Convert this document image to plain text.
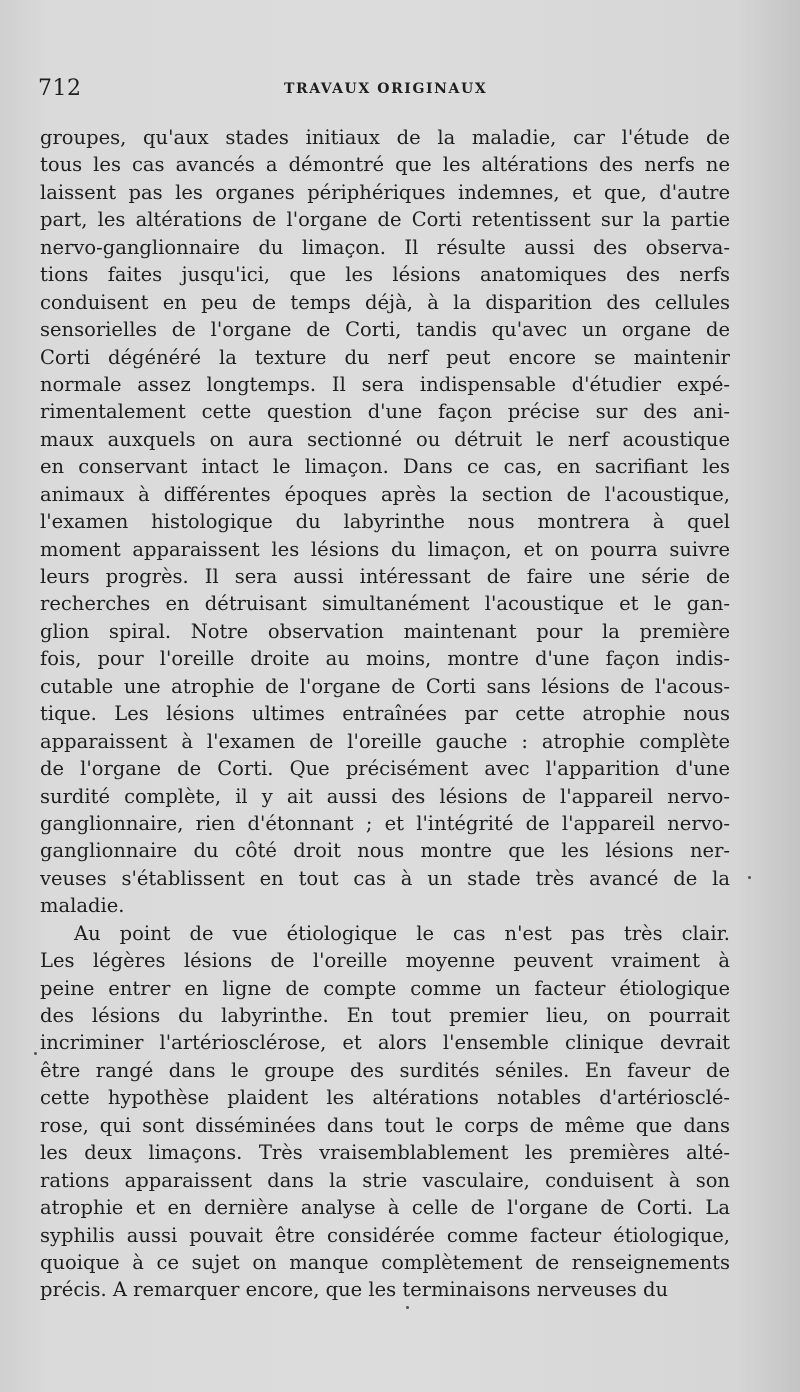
712	TRAVAUX ORIGINAUX
groupes, qu'aux stades initiaux de la maladie, car l'étude de
tous les cas avancés a démontré que les altérations des nerfs ne
laissent pas les organes périphériques indemnes, et que, d'autre
part, les altérations de l'organe de Corti retentissent sur la partie
nervo-ganglionnaire du limaçon. Il résulte aussi des observa-
tions faites jusqu'ici, que les lésions anatomiques des nerfs
conduisent en peu de temps déjà, à la disparition des cellules
sensorielles de l'organe de Corti, tandis qu'avec un organe de
Corti dégénéré la texture du nerf peut encore se maintenir
normale assez longtemps. Il sera indispensable d'étudier expé-
rimentalement cette question d'une façon précise sur des ani-
maux auxquels on aura sectionné ou détruit le nerf acoustique
en conservant intact le limaçon. Dans ce cas, en sacrifiant les
animaux à différentes époques après la section de l'acoustique,
l'examen histologique du labyrinthe nous montrera à quel
moment apparaissent les lésions du limaçon, et on pourra suivre
leurs progrès. Il sera aussi intéressant de faire une série de
recherches en détruisant simultanément l'acoustique et le gan-
glion spiral. Notre observation maintenant pour la première
fois, pour l'oreille droite au moins, montre d'une façon indis-
cutable une atrophie de l'organe de Corti sans lésions de l'acous-
tique. Les lésions ultimes entraînées par cette atrophie nous
apparaissent à l'examen de l'oreille gauche : atrophie complète
de l'organe de Corti. Que précisément avec l'apparition d'une
surdité complète, il y ait aussi des lésions de l'appareil nervo-
ganglionnaire, rien d'étonnant ; et l'intégrité de l'appareil nervo-
ganglionnaire du côté droit nous montre que les lésions ner-
veuses s'établissent en tout cas à un stade très avancé de la
maladie.
Au point de vue étiologique le cas n'est pas très clair.
Les légères lésions de l'oreille moyenne peuvent vraiment à
peine entrer en ligne de compte comme un facteur étiologique
des lésions du labyrinthe. En tout premier lieu, on pourrait
incriminer l'artériosclérose, et alors l'ensemble clinique devrait
être rangé dans le groupe des surdités séniles. En faveur de
cette hypothèse plaident les altérations notables d'artériosclé-
rose, qui sont disséminées dans tout le corps de même que dans
les deux limaçons. Très vraisemblablement les premières alté-
rations apparaissent dans la strie vasculaire, conduisent à son
atrophie et en dernière analyse à celle de l'organe de Corti. La
syphilis aussi pouvait être considérée comme facteur étiologique,
quoique à ce sujet on manque complètement de renseignements
précis. A remarquer encore, que les terminaisons nerveuses du
